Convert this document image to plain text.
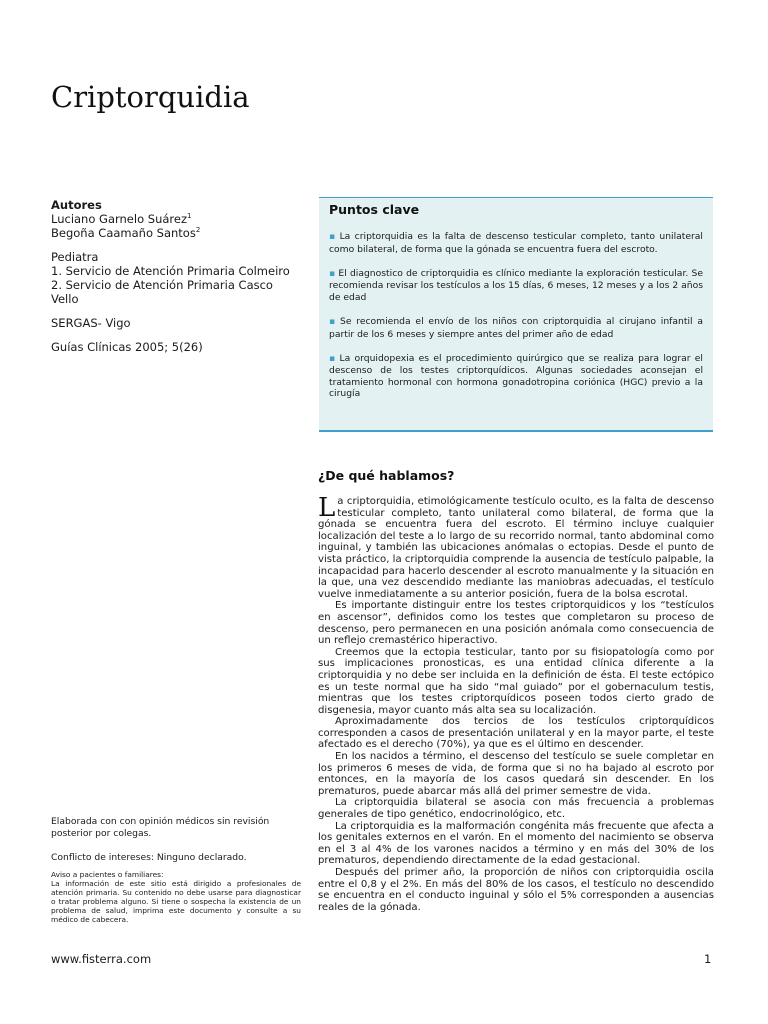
Criptorquidia

Autores

Luciano Garnelo Suárez$^1$

Begoña Caamaño Santos$^2$

Pediatra

1. Servicio de Atención Primaria Colmeiro

2. Servicio de Atención Primaria Casco Vello

SERGAS- Vigo

Guías Clínicas 2005; 5(26)

Puntos clave
▪ La criptorquidia es la falta de descenso testicular completo, tanto unilateral como bilateral, de forma que la gónada se encuentra fuera del escroto.
▪ El diagnostico de criptorquidia es clínico mediante la exploración testicular. Se recomienda revisar los testículos a los 15 días, 6 meses, 12 meses y a los 2 años de edad
▪ Se recomienda el envío de los niños con criptorquidia al cirujano infantil a partir de los 6 meses y siempre antes del primer año de edad
▪ La orquidopexia es el procedimiento quirúrgico que se realiza para lograr el descenso de los testes criptorquídicos. Algunas sociedades aconsejan el tratamiento hormonal con hormona gonadotropina coriónica (HGC) previo a la cirugía
¿De qué hablamos?

La criptorquidia, etimológicamente testículo oculto, es la falta de descenso testicular completo, tanto unilateral como bilateral, de forma que la gónada se encuentra fuera del escroto. El término incluye cualquier localización del teste a lo largo de su recorrido normal, tanto abdominal como inguinal, y también las ubicaciones anómalas o ectopias. Desde el punto de vista práctico, la criptorquidia comprende la ausencia de testículo palpable, la incapacidad para hacerlo descender al escroto manualmente y la situación en la que, una vez descendido mediante las maniobras adecuadas, el testículo vuelve inmediatamente a su anterior posición, fuera de la bolsa escrotal.

Es importante distinguir entre los testes criptorquidicos y los “testículos en ascensor”, definidos como los testes que completaron su proceso de descenso, pero permanecen en una posición anómala como consecuencia de un reflejo cremastérico hiperactivo.

Creemos que la ectopia testicular, tanto por su fisiopatología como por sus implicaciones pronosticas, es una entidad clínica diferente a la criptorquidia y no debe ser incluida en la definición de ésta. El teste ectópico es un teste normal que ha sido “mal guiado” por el gobernaculum testis, mientras que los testes criptorquídicos poseen todos cierto grado de disgenesia, mayor cuanto más alta sea su localización.

Aproximadamente dos tercios de los testículos criptorquídicos corresponden a casos de presentación unilateral y en la mayor parte, el teste afectado es el derecho (70%), ya que es el último en descender.

En los nacidos a término, el descenso del testículo se suele completar en los primeros 6 meses de vida, de forma que si no ha bajado al escroto por entonces, en la mayoría de los casos quedará sin descender. En los prematuros, puede abarcar más allá del primer semestre de vida.

La criptorquidia bilateral se asocia con más frecuencia a problemas generales de tipo genético, endocrinológico, etc.

La criptorquidia es la malformación congénita más frecuente que afecta a los genitales externos en el varón. En el momento del nacimiento se observa en el 3 al 4% de los varones nacidos a término y en más del 30% de los prematuros, dependiendo directamente de la edad gestacional.

Después del primer año, la proporción de niños con criptorquidia oscila entre el 0,8 y el 2%. En más del 80% de los casos, el testículo no descendido se encuentra en el conducto inguinal y sólo el 5% corresponden a ausencias reales de la gónada.

Elaborada con con opinión médicos sin revisión posterior por colegas.

Conflicto de intereses: Ninguno declarado.

Aviso a pacientes o familiares:

La información de este sitio está dirigido a profesionales de atención primaria. Su contenido no debe usarse para diagnosticar o tratar problema alguno. Si tiene o sospecha la existencia de un problema de salud, imprima este documento y consulte a su médico de cabecera.

www.fisterra.com	1
